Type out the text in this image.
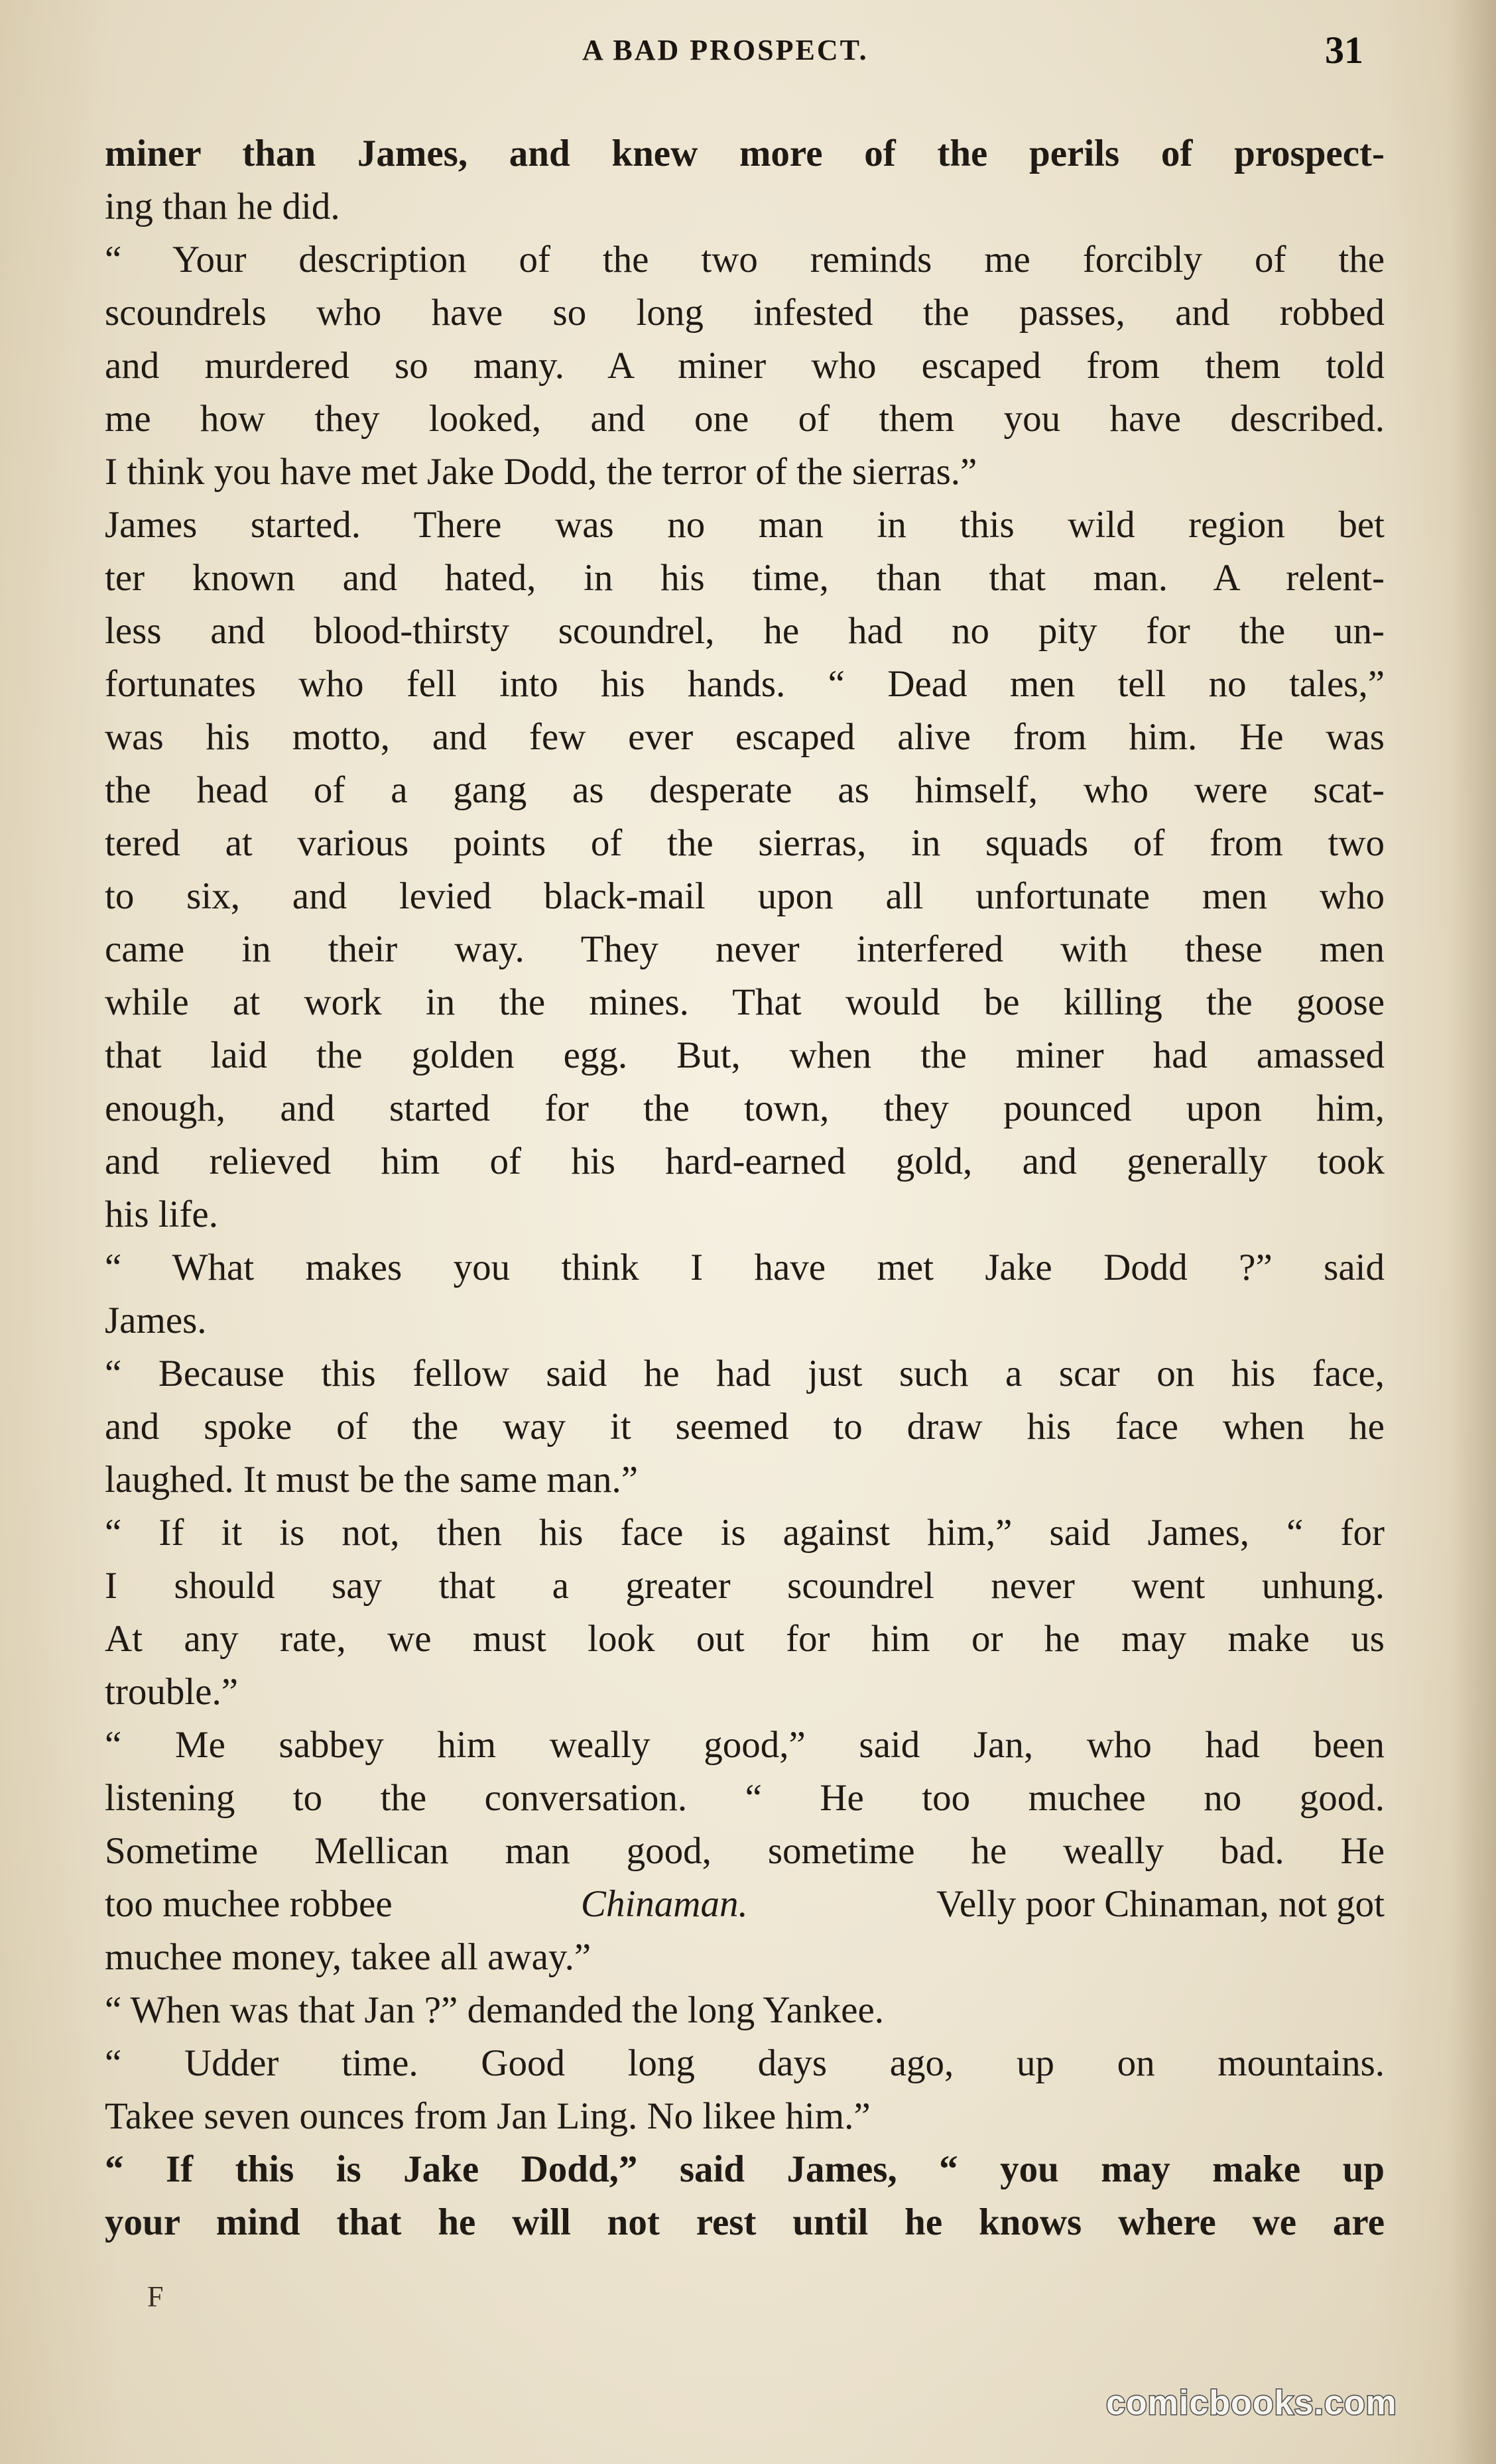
A BAD PROSPECT.	31
miner than James, and knew more of the perils of prospect-
ing than he did.
“ Your description of the two reminds me forcibly of the
scoundrels who have so long infested the passes, and robbed
and murdered so many. A miner who escaped from them told
me how they looked, and one of them you have described.
I think you have met Jake Dodd, the terror of the sierras.”
James started. There was no man in this wild region bet
ter known and hated, in his time, than that man. A relent-
less and blood-thirsty scoundrel, he had no pity for the un-
fortunates who fell into his hands. “ Dead men tell no tales,”
was his motto, and few ever escaped alive from him. He was
the head of a gang as desperate as himself, who were scat-
tered at various points of the sierras, in squads of from two
to six, and levied black-mail upon all unfortunate men who
came in their way. They never interfered with these men
while at work in the mines. That would be killing the goose
that laid the golden egg. But, when the miner had amassed
enough, and started for the town, they pounced upon him,
and relieved him of his hard-earned gold, and generally took
his life.
“ What makes you think I have met Jake Dodd ?” said
James.
“ Because this fellow said he had just such a scar on his face,
and spoke of the way it seemed to draw his face when he
laughed. It must be the same man.”
“ If it is not, then his face is against him,” said James, “ for
I should say that a greater scoundrel never went unhung.
At any rate, we must look out for him or he may make us
trouble.”
“ Me sabbey him weally good,” said Jan, who had been
listening to the conversation. “ He too muchee no good.
Sometime Mellican man good, sometime he weally bad. He
too muchee robbee	Chinaman.	Velly poor Chinaman, not got
muchee money, takee all away.”
“ When was that Jan ?” demanded the long Yankee.
“ Udder time. Good long days ago, up on mountains.
Takee seven ounces from Jan Ling. No likee him.”
“ If this is Jake Dodd,” said James, “ you may make up
your mind that he will not rest until he knows where we are
F
comicbooks.com
